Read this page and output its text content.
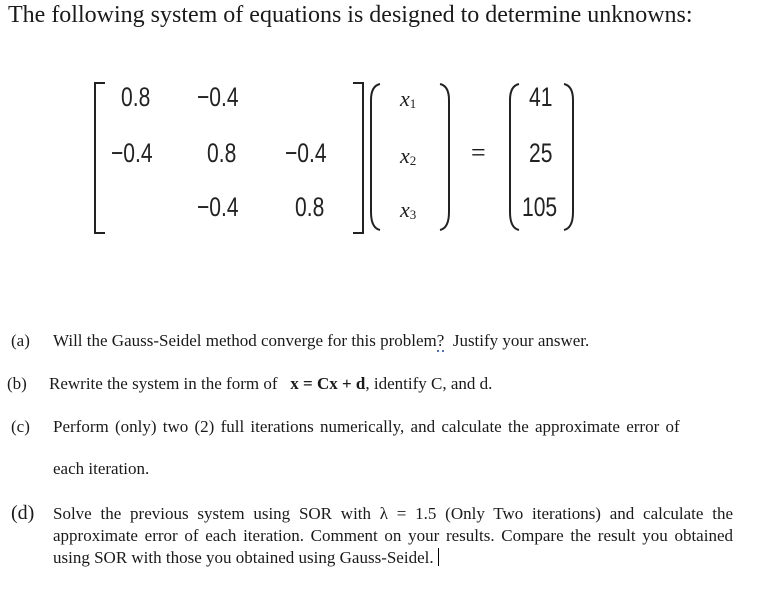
The following system of equations is designed to determine unknowns:
0.8 −0.4
−0.4 0.8 −0.4
−0.4 0.8
$x_1$
$x_2$
$x_3$
=
41
25
105
(a) Will the Gauss-Seidel method converge for this problem?  Justify your answer.
(b) Rewrite the system in the form of x = Cx + d, identify C, and d.
(c) Perform (only) two (2) full iterations numerically, and calculate the approximate error of
each iteration.
(d) Solve the previous system using SOR with λ = 1.5 (Only Two iterations) and calculate the approximate error of each iteration. Comment on your results. Compare the result you obtained using SOR with those you obtained using Gauss-Seidel.
